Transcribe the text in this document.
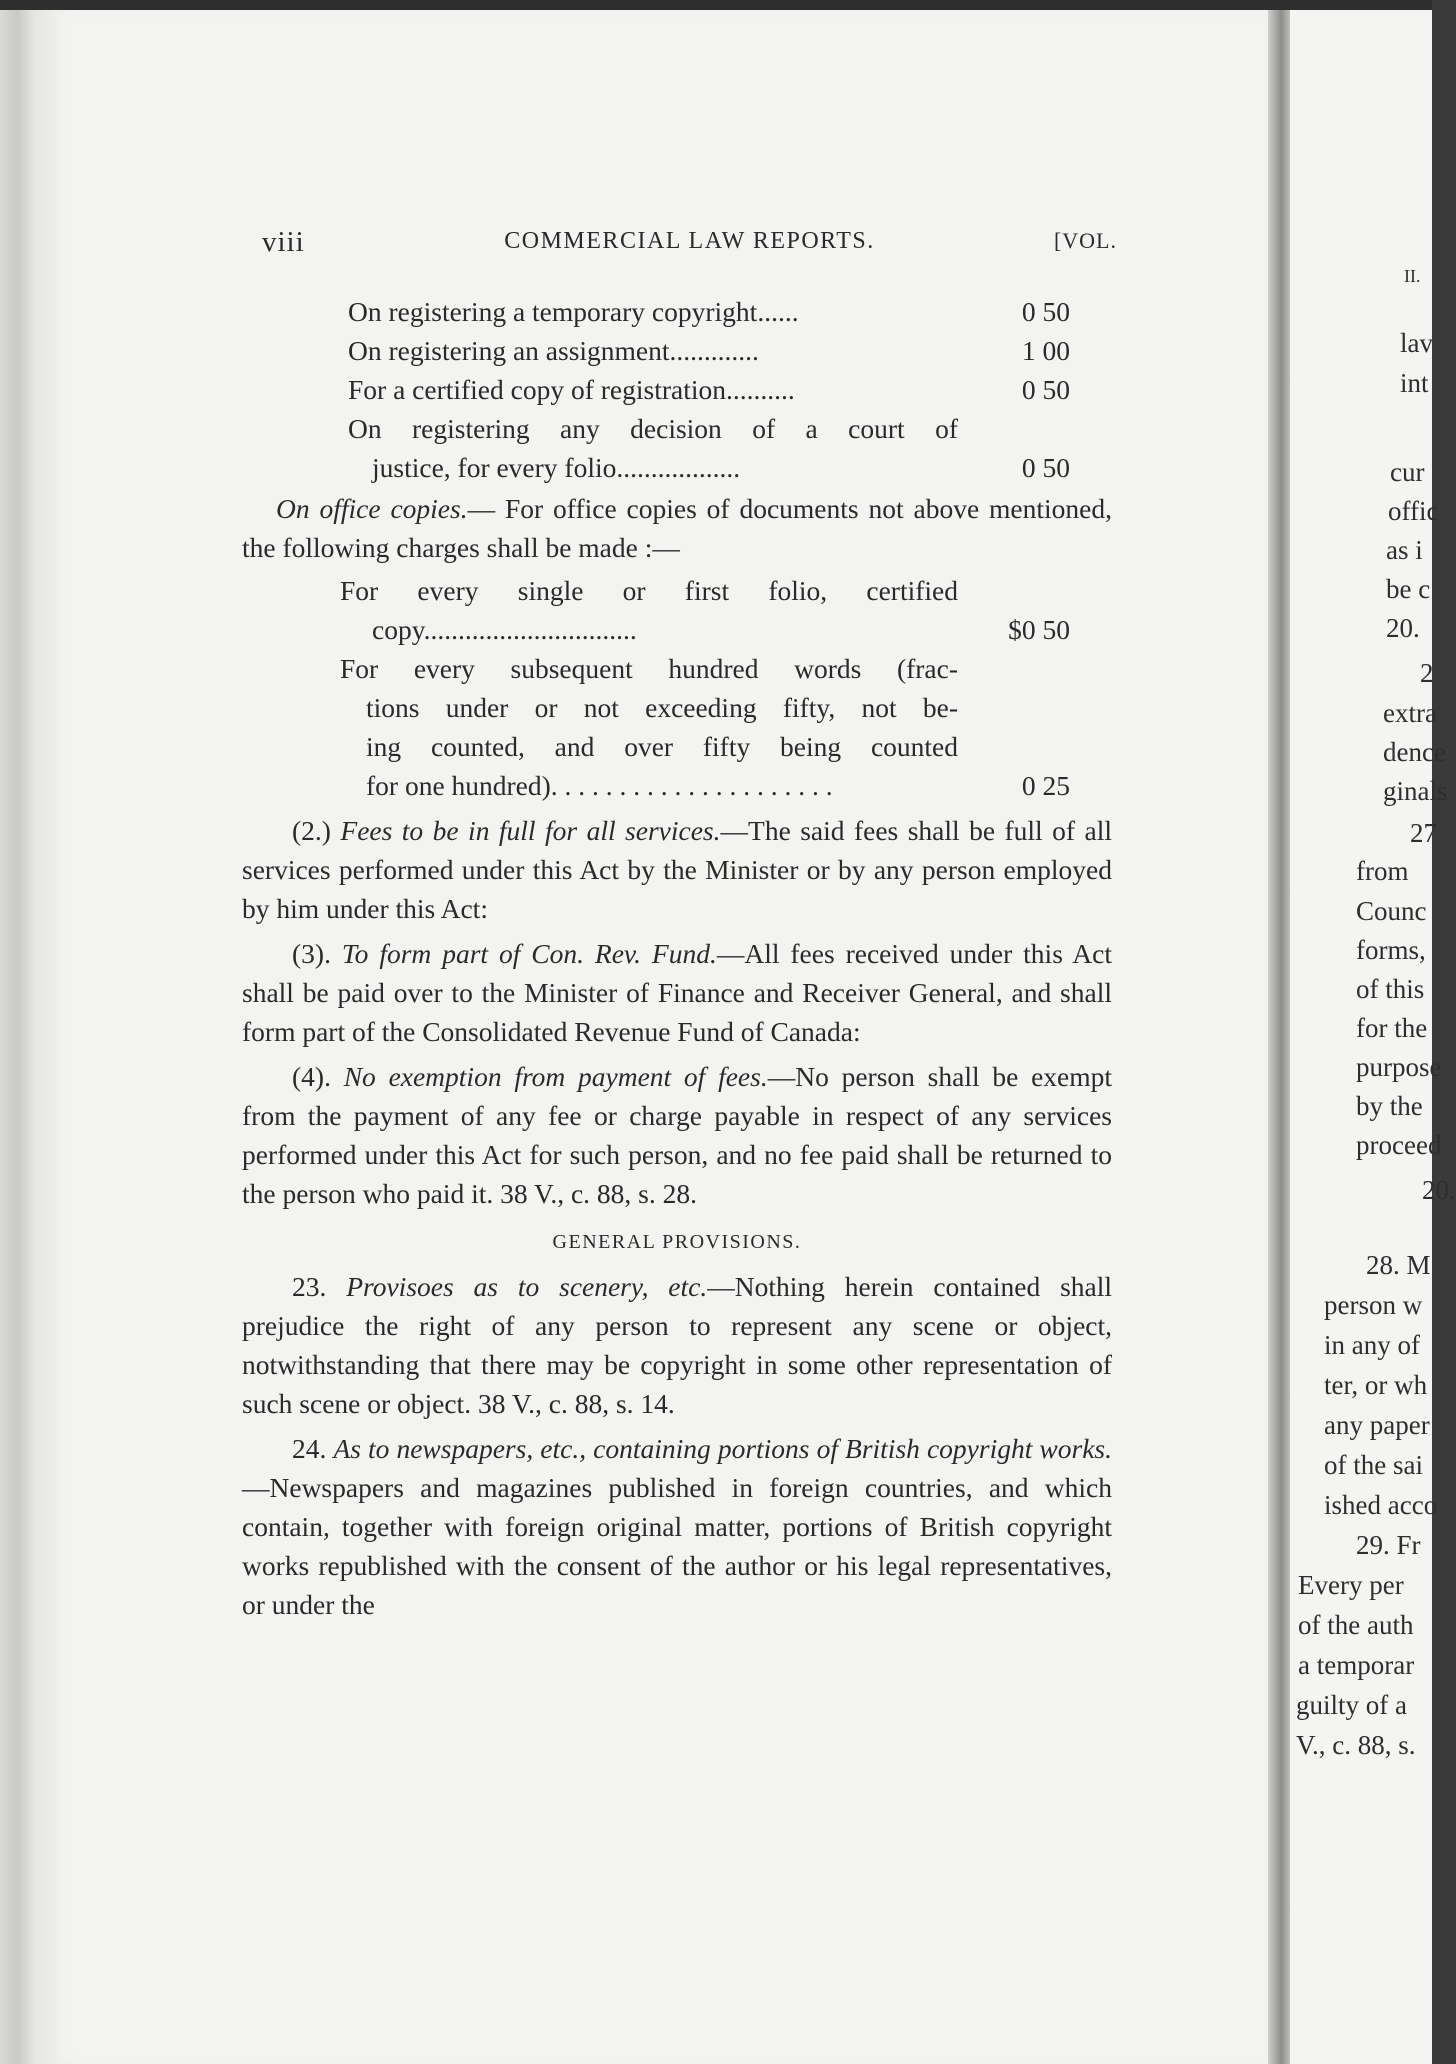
II.
lav
int
cur
offic
as i
be c
20.
2
extra
dence
ginals
27
from
Counc
forms,
of this
for the
purpose
by the
proceed
20.
28. M
person w
in any of
ter, or wh
any paper
of the sai
ished acco
29. Fr
Every per
of the auth
a temporar
guilty of a
V., c. 88, s.
viii	COMMERCIAL LAW REPORTS.	[VOL.
On registering a temporary copyright......	0 50
On registering an assignment.............	1 00
For a certified copy of registration..........	0 50
On registering any decision of a court of
justice, for every folio..................	0 50

On office copies.— For office copies of documents not above mentioned, the following charges shall be made :—

For every single or first folio, certified
copy...............................	$0 50
For every subsequent hundred words (frac-
tions under or not exceeding fifty, not be-
ing counted, and over fifty being counted
for one hundred). . . . . . . . . . . . . . . . . . . . .	0 25

(2.) Fees to be in full for all services.—The said fees shall be full of all services performed under this Act by the Minister or by any person employed by him under this Act:

(3). To form part of Con. Rev. Fund.—All fees received under this Act shall be paid over to the Minister of Finance and Receiver General, and shall form part of the Consolidated Revenue Fund of Canada:

(4). No exemption from payment of fees.—No person shall be exempt from the payment of any fee or charge payable in respect of any services performed under this Act for such person, and no fee paid shall be returned to the person who paid it. 38 V., c. 88, s. 28.

GENERAL PROVISIONS.

23. Provisoes as to scenery, etc.—Nothing herein contained shall prejudice the right of any person to represent any scene or object, notwithstanding that there may be copyright in some other representation of such scene or object. 38 V., c. 88, s. 14.

24. As to newspapers, etc., containing portions of British copyright works.—Newspapers and magazines published in foreign countries, and which contain, together with foreign original matter, portions of British copyright works republished with the consent of the author or his legal representatives, or under the
